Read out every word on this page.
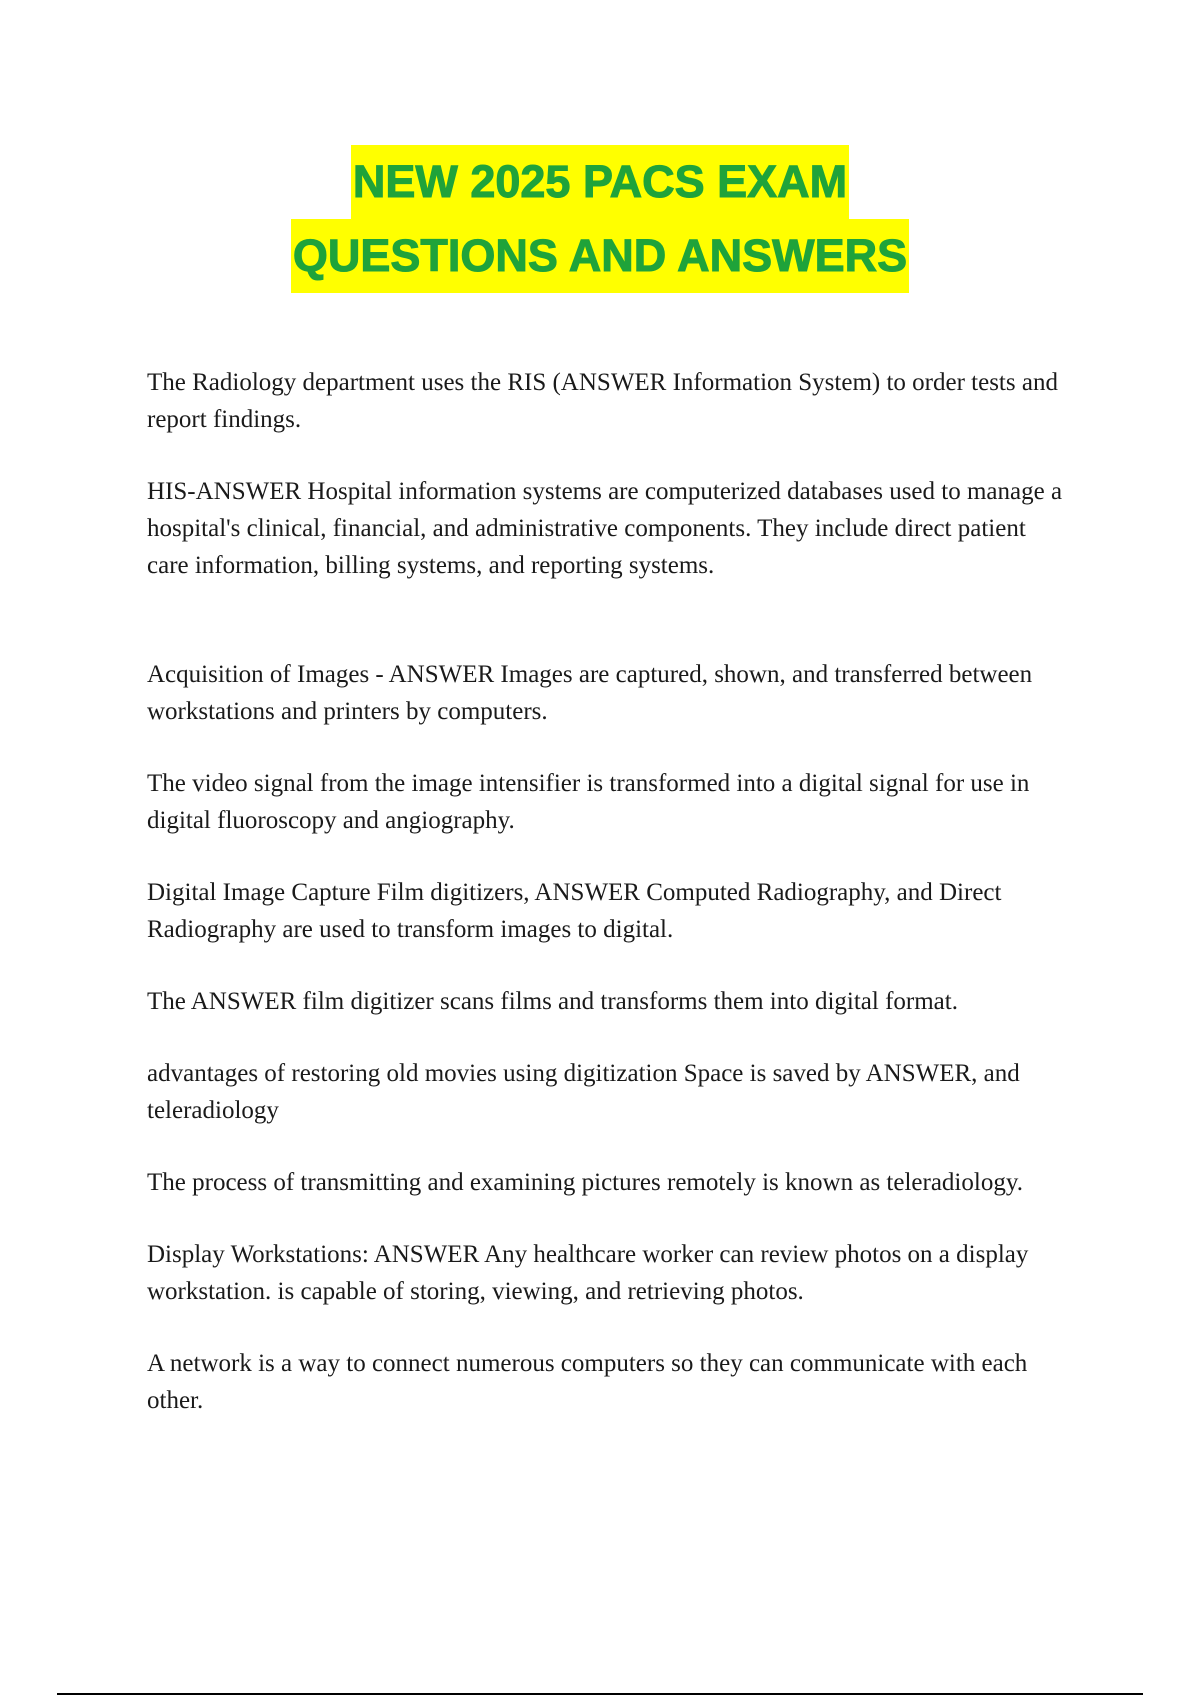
NEW 2025 PACS EXAM
QUESTIONS AND ANSWERS

The Radiology department uses the RIS (ANSWER Information System) to order tests and report findings.

HIS-ANSWER Hospital information systems are computerized databases used to manage a hospital's clinical, financial, and administrative components. They include direct patient care information, billing systems, and reporting systems.

Acquisition of Images - ANSWER Images are captured, shown, and transferred between workstations and printers by computers.

The video signal from the image intensifier is transformed into a digital signal for use in digital fluoroscopy and angiography.

Digital Image Capture Film digitizers, ANSWER Computed Radiography, and Direct Radiography are used to transform images to digital.

The ANSWER film digitizer scans films and transforms them into digital format.

advantages of restoring old movies using digitization Space is saved by ANSWER, and teleradiology

The process of transmitting and examining pictures remotely is known as teleradiology.

Display Workstations: ANSWER Any healthcare worker can review photos on a display workstation. is capable of storing, viewing, and retrieving photos.

A network is a way to connect numerous computers so they can communicate with each other.
